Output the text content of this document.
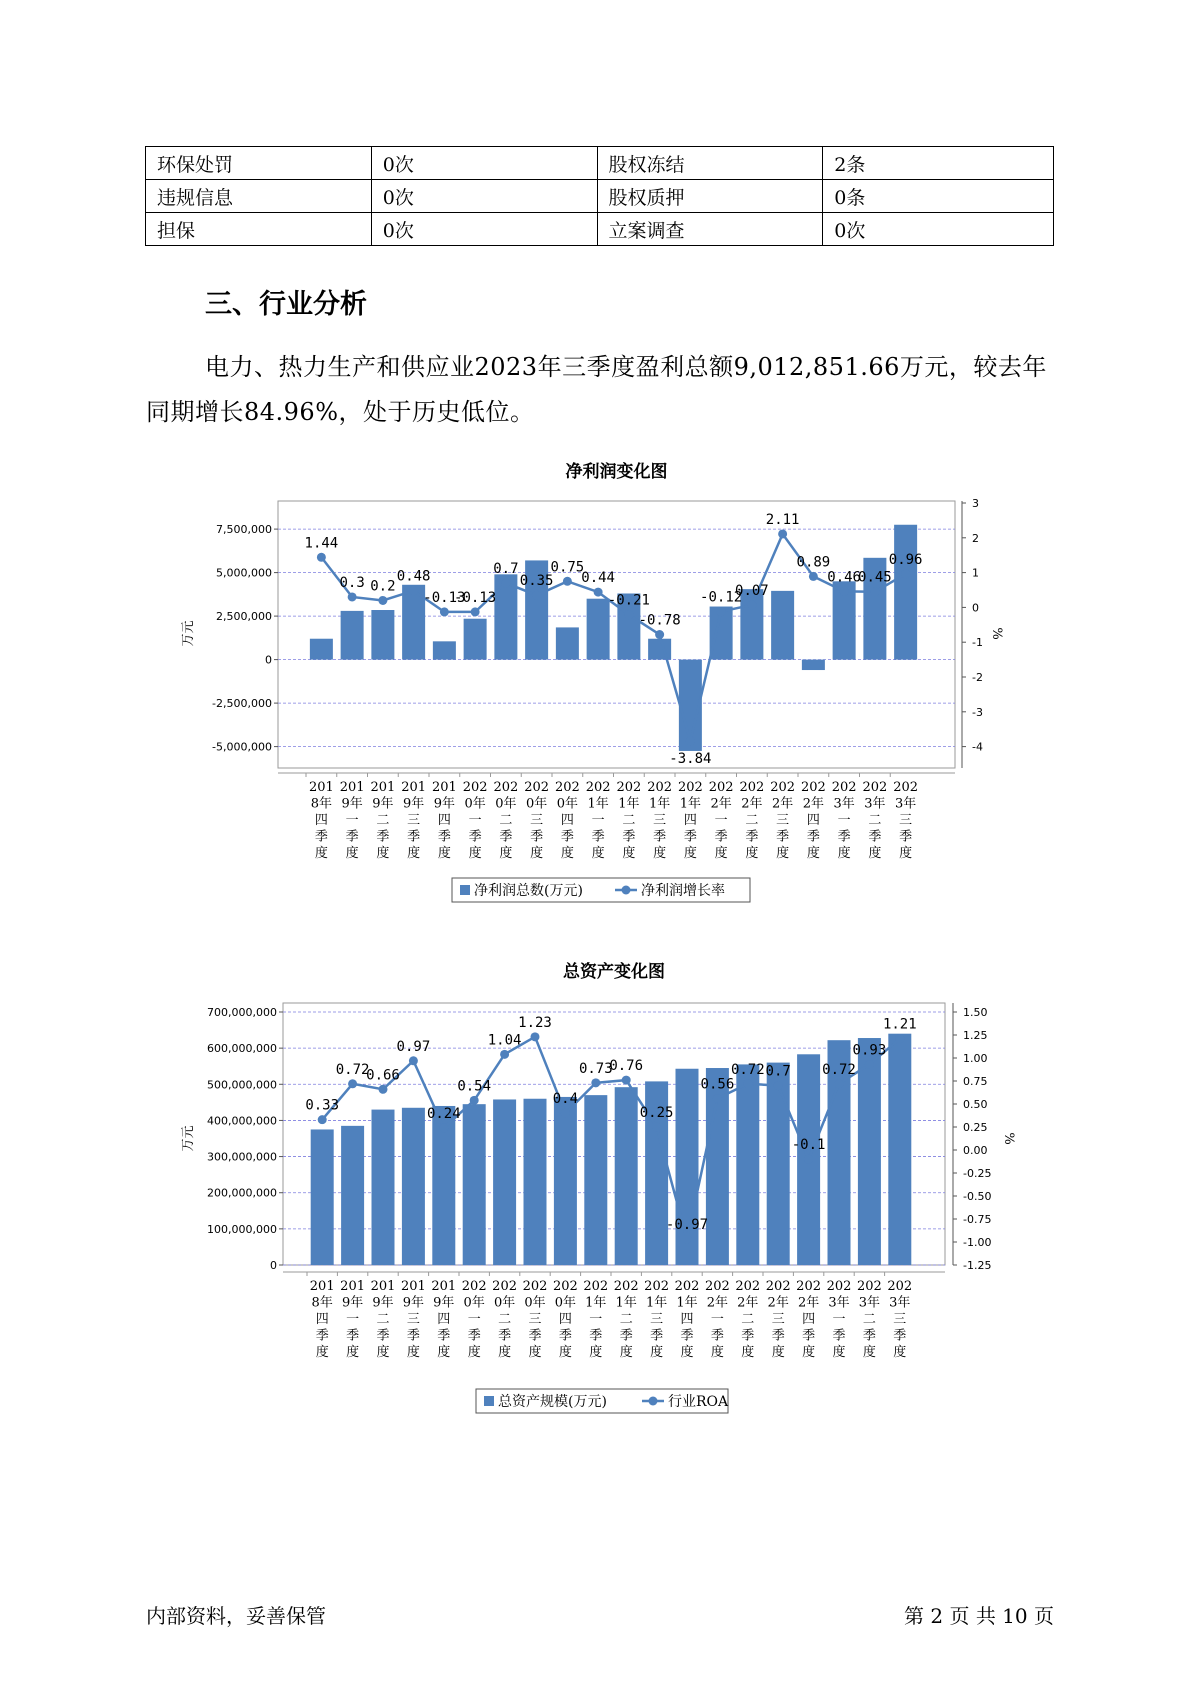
环保处罚	0次	股权冻结	2条
违规信息	0次	股权质押	0条
担保	0次	立案调查	0次
三、行业分析

电力、热力生产和供应业2023年三季度盈利总额9,012,851.66万元，较去年同期增长84.96%，处于历史低位。

净利润变化图
7,500,000
5,000,000
2,500,000
0
-2,500,000
-5,000,000
3
2
1
0
-1
-2
-3
-4
万元	%
201
8年
四
季
度
201
9年
一
季
度
201
9年
二
季
度
201
9年
三
季
度
201
9年
四
季
度
202
0年
一
季
度
202
0年
二
季
度
202
0年
三
季
度
202
0年
四
季
度
202
1年
一
季
度
202
1年
二
季
度
202
1年
三
季
度
202
1年
四
季
度
202
2年
一
季
度
202
2年
二
季
度
202
2年
三
季
度
202
2年
四
季
度
202
3年
一
季
度
202
3年
二
季
度
202
3年
三
季
度
1.44
0.3 0.2
0.48
-0.13
-0.13
0.7
0.35
0.75
0.44
-0.21
-0.78
-3.84
-0.12
0.07
2.11
0.89
0.46
0.45
0.96
净利润总数(万元)	净利润增长率
总资产变化图
700,000,000
600,000,000
500,000,000
400,000,000
300,000,000
200,000,000
100,000,000
0
1.50
1.25
1.00
0.75
0.50
0.25
0.00
-0.25
-0.50
-0.75
-1.00
-1.25
万元	%
201
8年
四
季
度
201
9年
一
季
度
201
9年
二
季
度
201
9年
三
季
度
201
9年
四
季
度
202
0年
一
季
度
202
0年
二
季
度
202
0年
三
季
度
202
0年
四
季
度
202
1年
一
季
度
202
1年
二
季
度
202
1年
三
季
度
202
1年
四
季
度
202
2年
一
季
度
202
2年
二
季
度
202
2年
三
季
度
202
2年
四
季
度
202
3年
一
季
度
202
3年
二
季
度
202
3年
三
季
度
0.33
0.72
0.66
0.97
0.24
0.54
1.04
1.23
0.4
0.73
0.76
0.25
-0.97
0.56
0.72 0.7
-0.1
0.72
0.93
1.21
总资产规模(万元)	行业ROA
内部资料，妥善保管	第 2 页 共 10 页
